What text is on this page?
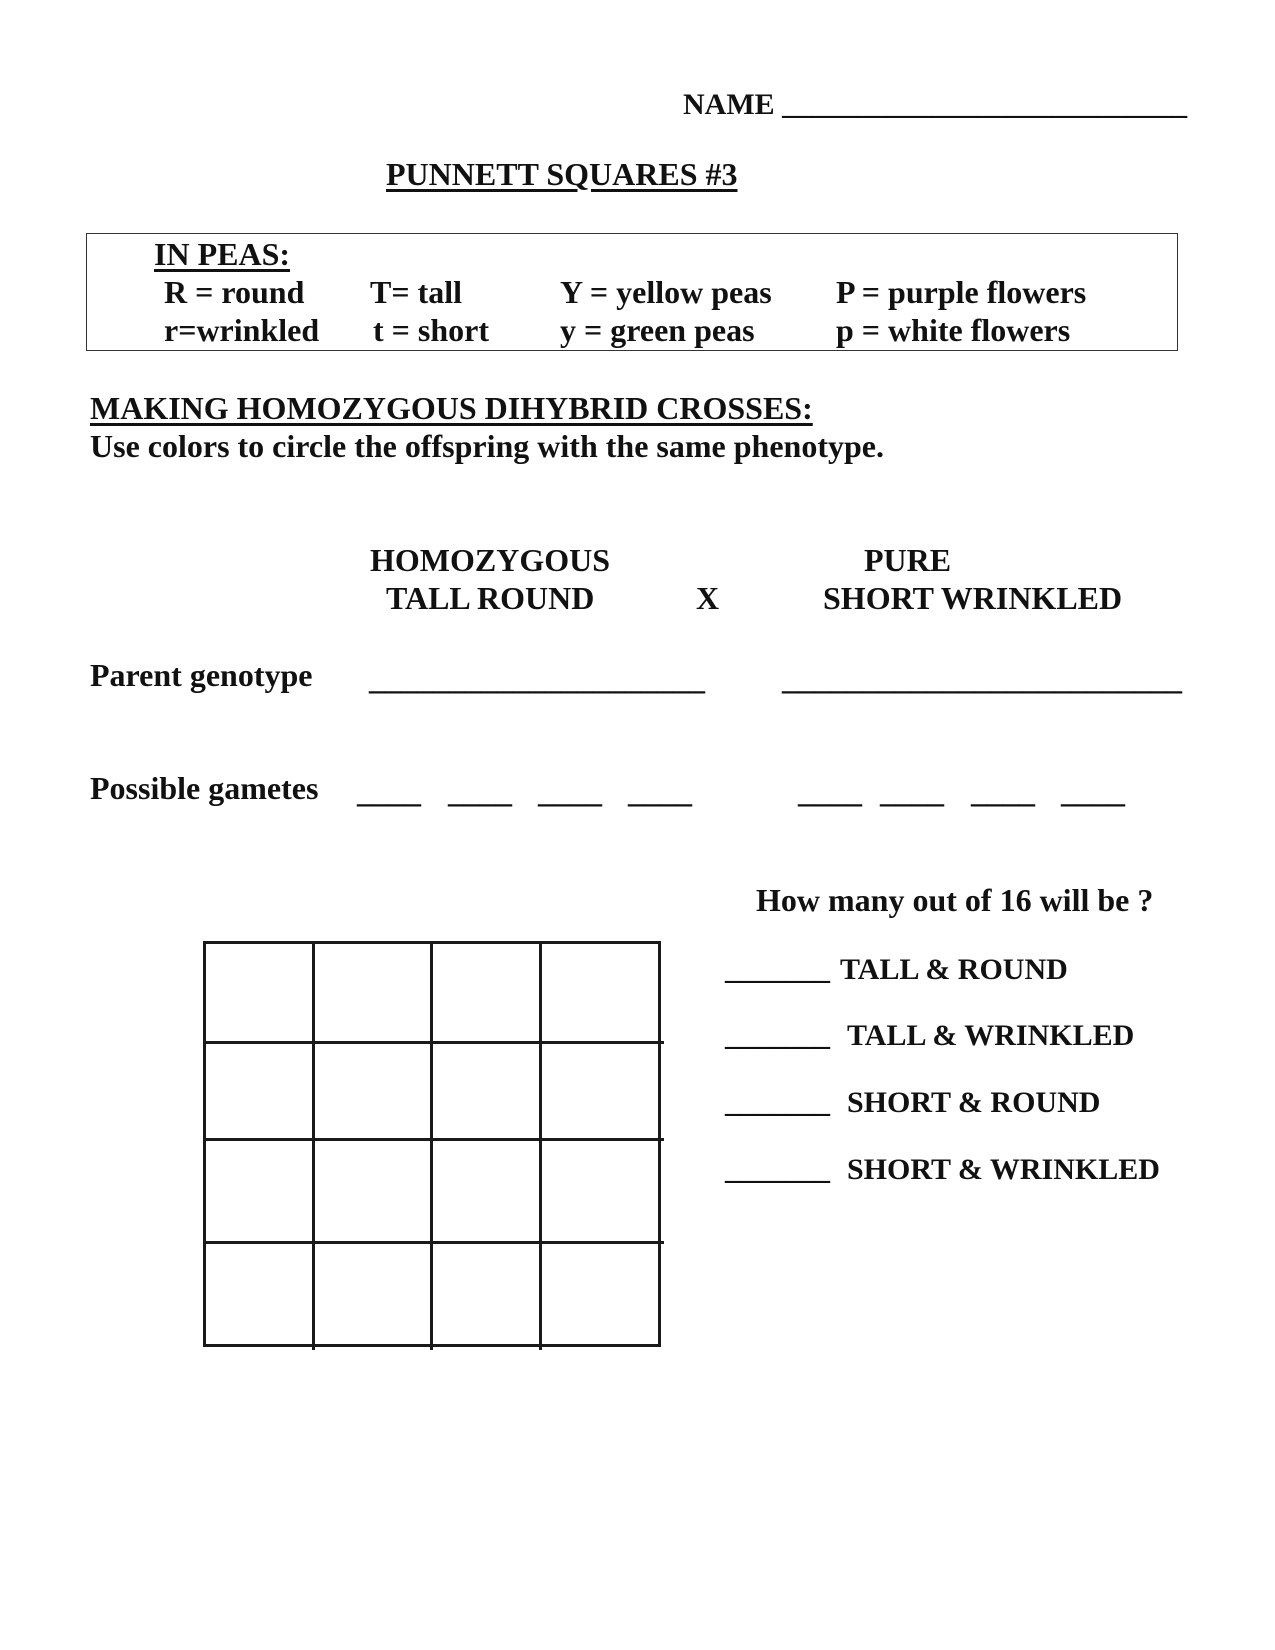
NAME ___________________________
PUNNETT SQUARES #3
IN PEAS:
R = round T= tall	Y = yellow peas P = purple flowers
r=wrinkled t = short y = green peas	p = white flowers
MAKING HOMOZYGOUS DIHYBRID CROSSES:
Use colors to circle the offspring with the same phenotype.
HOMOZYGOUS
TALL ROUND	X
PURE
SHORT WRINKLED
Parent genotype _____________________ _________________________
Possible gametes ____ ____ ____ ____	____ ____ ____ ____
How many out of 16 will be ?
_______ TALL & ROUND
_______ TALL & WRINKLED
_______ SHORT & ROUND
_______ SHORT & WRINKLED
